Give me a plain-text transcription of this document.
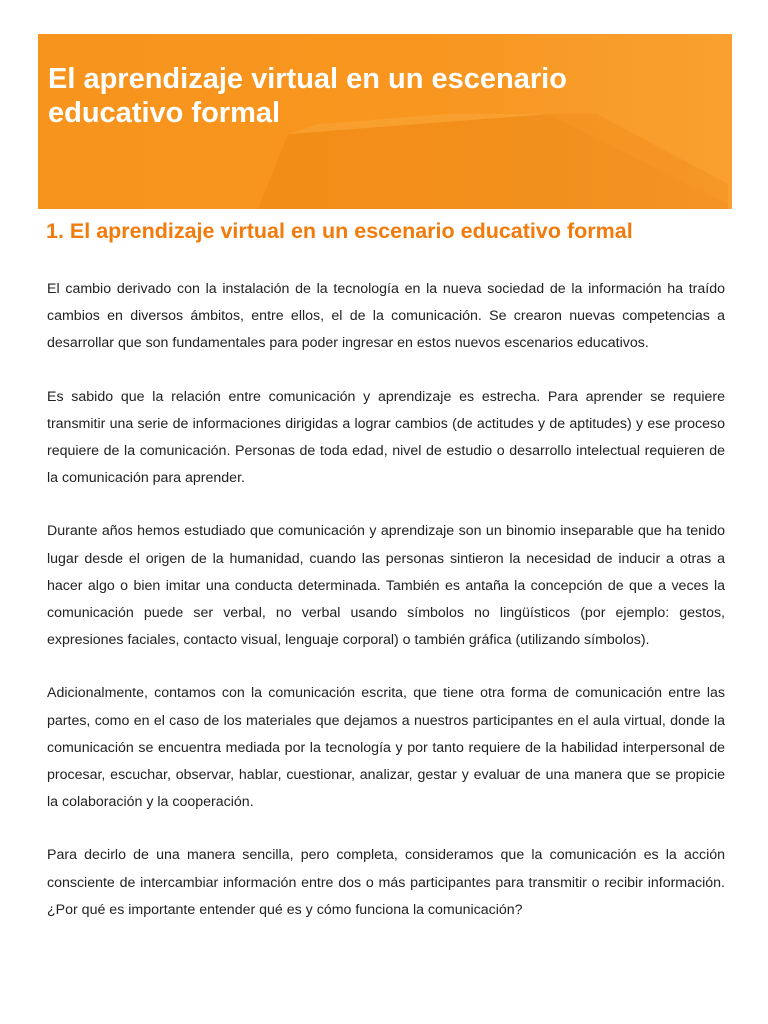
El aprendizaje virtual en un escenario educativo formal
1. El aprendizaje virtual en un escenario educativo formal

El cambio derivado con la instalación de la tecnología en la nueva sociedad de la información ha traído cambios en diversos ámbitos, entre ellos, el de la comunicación. Se crearon nuevas competencias a desarrollar que son fundamentales para poder ingresar en estos nuevos escenarios educativos.

Es sabido que la relación entre comunicación y aprendizaje es estrecha. Para aprender se requiere transmitir una serie de informaciones dirigidas a lograr cambios (de actitudes y de aptitudes) y ese proceso requiere de la comunicación. Personas de toda edad, nivel de estudio o desarrollo intelectual requieren de la comunicación para aprender.

Durante años hemos estudiado que comunicación y aprendizaje son un binomio inseparable que ha tenido lugar desde el origen de la humanidad, cuando las personas sintieron la necesidad de inducir a otras a hacer algo o bien imitar una conducta determinada. También es antaña la concepción de que a veces la comunicación puede ser verbal, no verbal usando símbolos no lingüísticos (por ejemplo: gestos, expresiones faciales, contacto visual, lenguaje corporal) o también gráfica (utilizando símbolos).

Adicionalmente, contamos con la comunicación escrita, que tiene otra forma de comunicación entre las partes, como en el caso de los materiales que dejamos a nuestros participantes en el aula virtual, donde la comunicación se encuentra mediada por la tecnología y por tanto requiere de la habilidad interpersonal de procesar, escuchar, observar, hablar, cuestionar, analizar, gestar y evaluar de una manera que se propicie la colaboración y la cooperación.

Para decirlo de una manera sencilla, pero completa, consideramos que la comunicación es la acción consciente de intercambiar información entre dos o más participantes para transmitir o recibir información. ¿Por qué es importante entender qué es y cómo funciona la comunicación?
